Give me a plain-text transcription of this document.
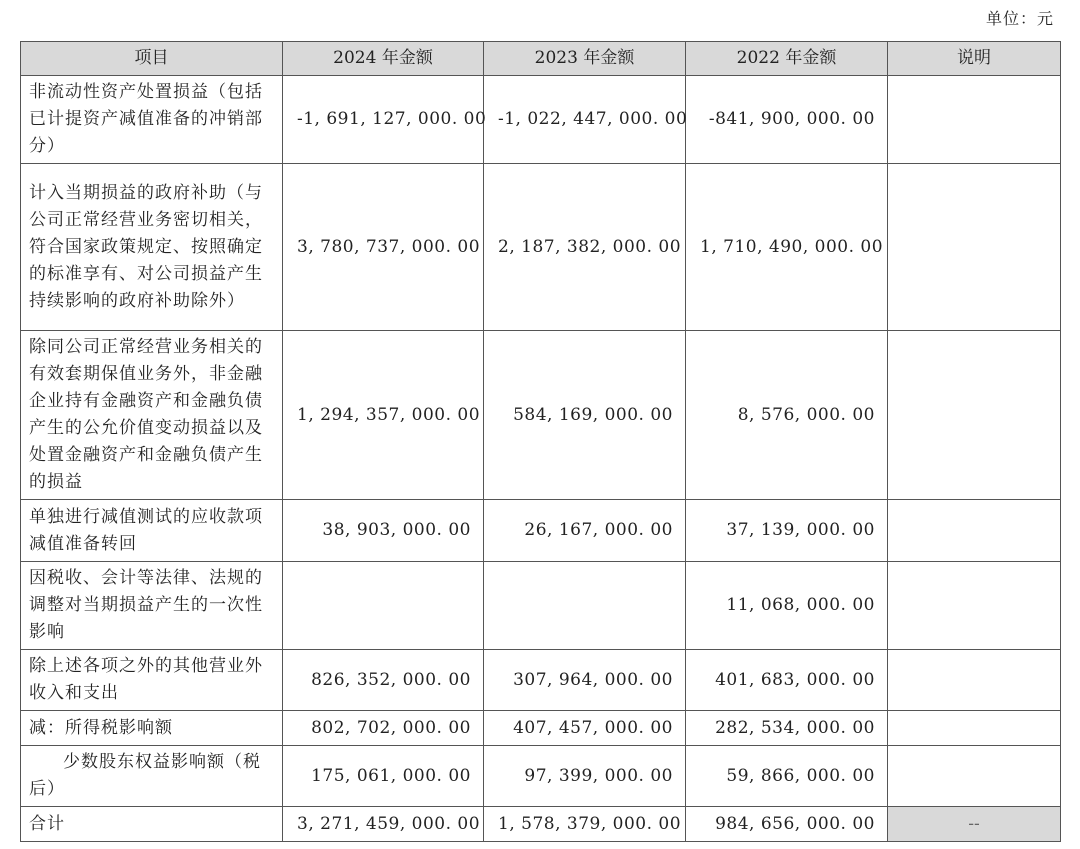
单位：元
项目	2024 年金额	2023 年金额	2022 年金额	说明
非流动性资产处置损益（包括已计提资产减值准备的冲销部分）	-1, 691, 127, 000. 00	-1, 022, 447, 000. 00	-841, 900, 000. 00	
计入当期损益的政府补助（与公司正常经营业务密切相关，符合国家政策规定、按照确定的标准享有、对公司损益产生持续影响的政府补助除外）	3, 780, 737, 000. 00	2, 187, 382, 000. 00	1, 710, 490, 000. 00	
除同公司正常经营业务相关的有效套期保值业务外，非金融企业持有金融资产和金融负债产生的公允价值变动损益以及处置金融资产和金融负债产生的损益	1, 294, 357, 000. 00	584, 169, 000. 00	8, 576, 000. 00	
单独进行减值测试的应收款项减值准备转回	38, 903, 000. 00	26, 167, 000. 00	37, 139, 000. 00	
因税收、会计等法律、法规的调整对当期损益产生的一次性影响			11, 068, 000. 00	
除上述各项之外的其他营业外收入和支出	826, 352, 000. 00	307, 964, 000. 00	401, 683, 000. 00	
减：所得税影响额	802, 702, 000. 00	407, 457, 000. 00	282, 534, 000. 00	
少数股东权益影响额（税后）	175, 061, 000. 00	97, 399, 000. 00	59, 866, 000. 00	
合计	3, 271, 459, 000. 00	1, 578, 379, 000. 00	984, 656, 000. 00	--
